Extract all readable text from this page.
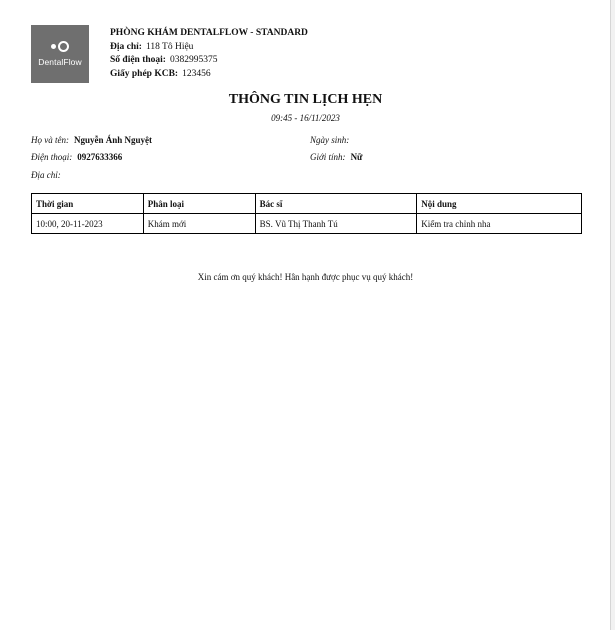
DentalFlow
PHÒNG KHÁM DENTALFLOW - STANDARD
Địa chỉ: 118 Tô Hiệu
Số điện thoại: 0382995375
Giấy phép KCB: 123456
THÔNG TIN LỊCH HẸN
09:45 - 16/11/2023
Họ và tên: Nguyễn Ánh Nguyệt	Ngày sinh:
Điện thoại: 0927633366	Giới tính: Nữ
Địa chỉ:
Thời gian	Phân loại	Bác sĩ	Nội dung
10:00, 20-11-2023	Khám mới	BS. Vũ Thị Thanh Tú	Kiểm tra chỉnh nha
Xin cám ơn quý khách! Hân hạnh được phục vụ quý khách!
